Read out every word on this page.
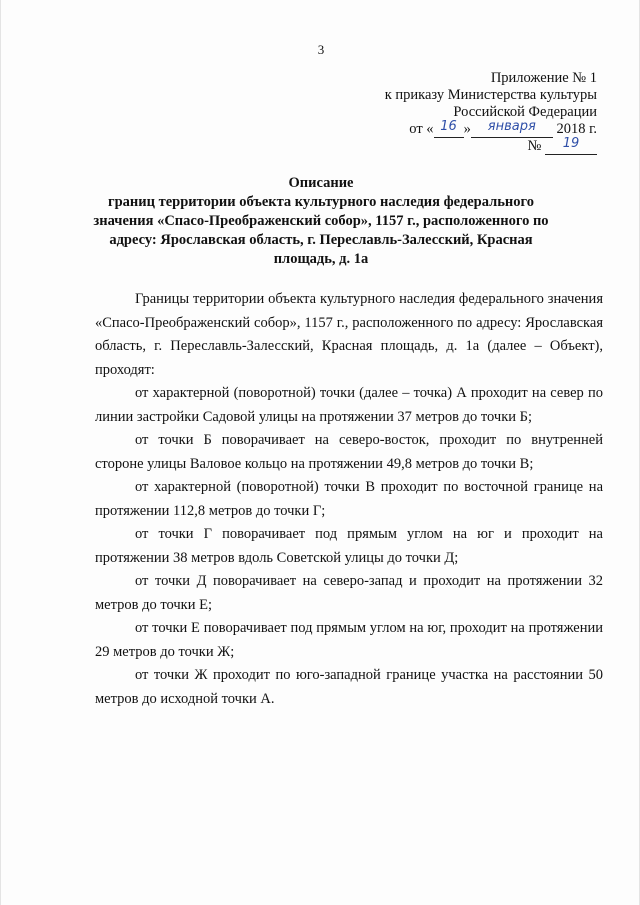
3
Приложение № 1
к приказу Министерства культуры
Российской Федерации
от « 16 » января 2018 г.
№ 19
Описание
границ территории объекта культурного наследия федерального
значения «Спасо-Преображенский собор», 1157 г., расположенного по
адресу: Ярославская область, г. Переславль-Залесский, Красная
площадь, д. 1а

Границы территории объекта культурного наследия федерального значения «Спасо-Преображенский собор», 1157 г., расположенного по адресу: Ярославская область, г. Переславль-Залесский, Красная площадь, д. 1а (далее – Объект), проходят:

от характерной (поворотной) точки (далее – точка) А проходит на север по линии застройки Садовой улицы на протяжении 37 метров до точки Б;

от точки Б поворачивает на северо-восток, проходит по внутренней стороне улицы Валовое кольцо на протяжении 49,8 метров до точки В;

от характерной (поворотной) точки В проходит по восточной границе на протяжении 112,8 метров до точки Г;

от точки Г поворачивает под прямым углом на юг и проходит на протяжении 38 метров вдоль Советской улицы до точки Д;

от точки Д поворачивает на северо-запад и проходит на протяжении 32 метров до точки Е;

от точки Е поворачивает под прямым углом на юг, проходит на протяжении 29 метров до точки Ж;

от точки Ж проходит по юго-западной границе участка на расстоянии 50 метров до исходной точки А.
